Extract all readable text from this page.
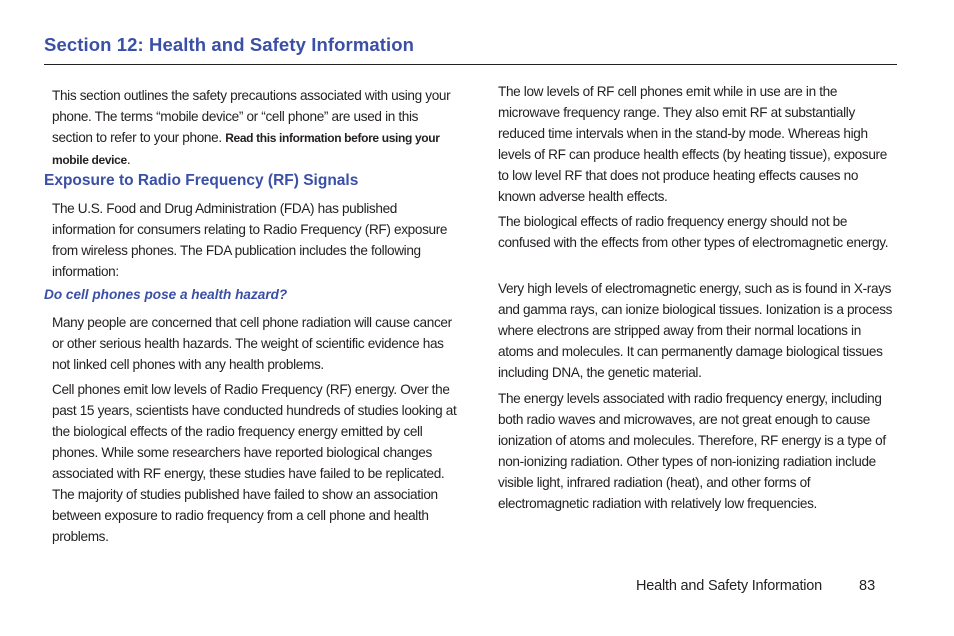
Section 12: Health and Safety Information

This section outlines the safety precautions associated with using your phone. The terms “mobile device” or “cell phone” are used in this section to refer to your phone. Read this information before using your mobile device.

Exposure to Radio Frequency (RF) Signals

The U.S. Food and Drug Administration (FDA) has published information for consumers relating to Radio Frequency (RF) exposure from wireless phones. The FDA publication includes the following information:

Do cell phones pose a health hazard?

Many people are concerned that cell phone radiation will cause cancer or other serious health hazards. The weight of scientific evidence has not linked cell phones with any health problems.

Cell phones emit low levels of Radio Frequency (RF) energy. Over the past 15 years, scientists have conducted hundreds of studies looking at the biological effects of the radio frequency energy emitted by cell phones. While some researchers have reported biological changes associated with RF energy, these studies have failed to be replicated. The majority of studies published have failed to show an association between exposure to radio frequency from a cell phone and health problems.

The low levels of RF cell phones emit while in use are in the microwave frequency range. They also emit RF at substantially reduced time intervals when in the stand-by mode. Whereas high levels of RF can produce health effects (by heating tissue), exposure to low level RF that does not produce heating effects causes no known adverse health effects.

The biological effects of radio frequency energy should not be confused with the effects from other types of electromagnetic energy.

Very high levels of electromagnetic energy, such as is found in X-rays and gamma rays, can ionize biological tissues. Ionization is a process where electrons are stripped away from their normal locations in atoms and molecules. It can permanently damage biological tissues including DNA, the genetic material.

The energy levels associated with radio frequency energy, including both radio waves and microwaves, are not great enough to cause ionization of atoms and molecules. Therefore, RF energy is a type of non-ionizing radiation. Other types of non-ionizing radiation include visible light, infrared radiation (heat), and other forms of electromagnetic radiation with relatively low frequencies.

Health and Safety Information	83
